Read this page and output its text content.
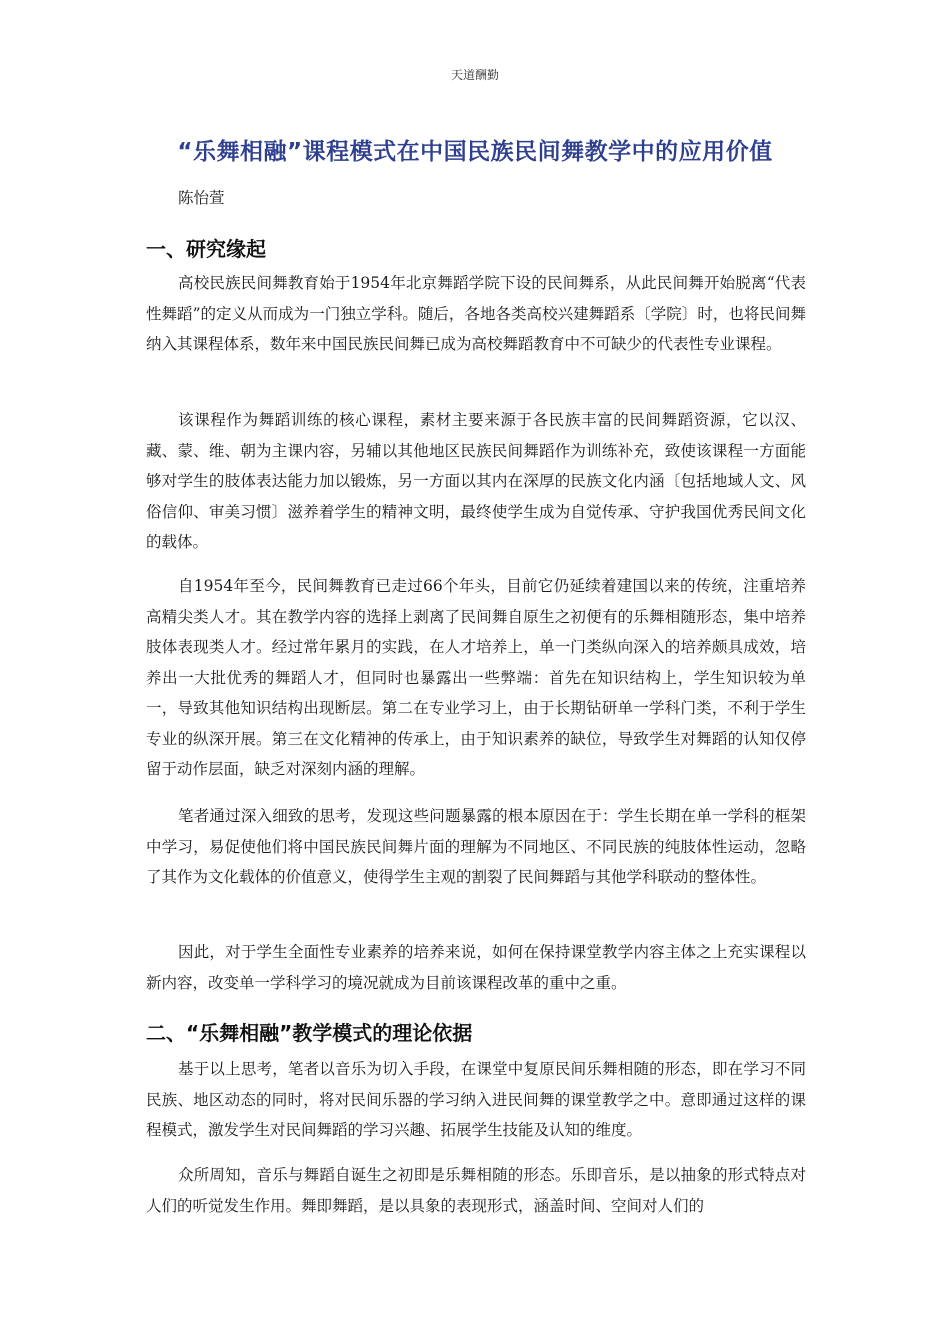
天道酬勤
“乐舞相融”课程模式在中国民族民间舞教学中的应用价值
陈怡萱
一、研究缘起

高校民族民间舞教育始于1954年北京舞蹈学院下设的民间舞系，从此民间舞开始脱离“代表性舞蹈”的定义从而成为一门独立学科。随后，各地各类高校兴建舞蹈系〔学院〕时，也将民间舞纳入其课程体系，数年来中国民族民间舞已成为高校舞蹈教育中不可缺少的代表性专业课程。

该课程作为舞蹈训练的核心课程，素材主要来源于各民族丰富的民间舞蹈资源，它以汉、藏、蒙、维、朝为主课内容，另辅以其他地区民族民间舞蹈作为训练补充，致使该课程一方面能够对学生的肢体表达能力加以锻炼，另一方面以其内在深厚的民族文化内涵〔包括地域人文、风俗信仰、审美习惯〕滋养着学生的精神文明，最终使学生成为自觉传承、守护我国优秀民间文化的载体。

自1954年至今，民间舞教育已走过66个年头，目前它仍延续着建国以来的传统，注重培养高精尖类人才。其在教学内容的选择上剥离了民间舞自原生之初便有的乐舞相随形态，集中培养肢体表现类人才。经过常年累月的实践，在人才培养上，单一门类纵向深入的培养颇具成效，培养出一大批优秀的舞蹈人才，但同时也暴露出一些弊端：首先在知识结构上，学生知识较为单一，导致其他知识结构出现断层。第二在专业学习上，由于长期钻研单一学科门类，不利于学生专业的纵深开展。第三在文化精神的传承上，由于知识素养的缺位，导致学生对舞蹈的认知仅停留于动作层面，缺乏对深刻内涵的理解。

笔者通过深入细致的思考，发现这些问题暴露的根本原因在于：学生长期在单一学科的框架中学习，易促使他们将中国民族民间舞片面的理解为不同地区、不同民族的纯肢体性运动，忽略了其作为文化载体的价值意义，使得学生主观的割裂了民间舞蹈与其他学科联动的整体性。

因此，对于学生全面性专业素养的培养来说，如何在保持课堂教学内容主体之上充实课程以新内容，改变单一学科学习的境况就成为目前该课程改革的重中之重。

二、“乐舞相融”教学模式的理论依据

基于以上思考，笔者以音乐为切入手段，在课堂中复原民间乐舞相随的形态，即在学习不同民族、地区动态的同时，将对民间乐器的学习纳入进民间舞的课堂教学之中。意即通过这样的课程模式，激发学生对民间舞蹈的学习兴趣、拓展学生技能及认知的维度。

众所周知，音乐与舞蹈自诞生之初即是乐舞相随的形态。乐即音乐，是以抽象的形式特点对人们的听觉发生作用。舞即舞蹈，是以具象的表现形式，涵盖时间、空间对人们的
